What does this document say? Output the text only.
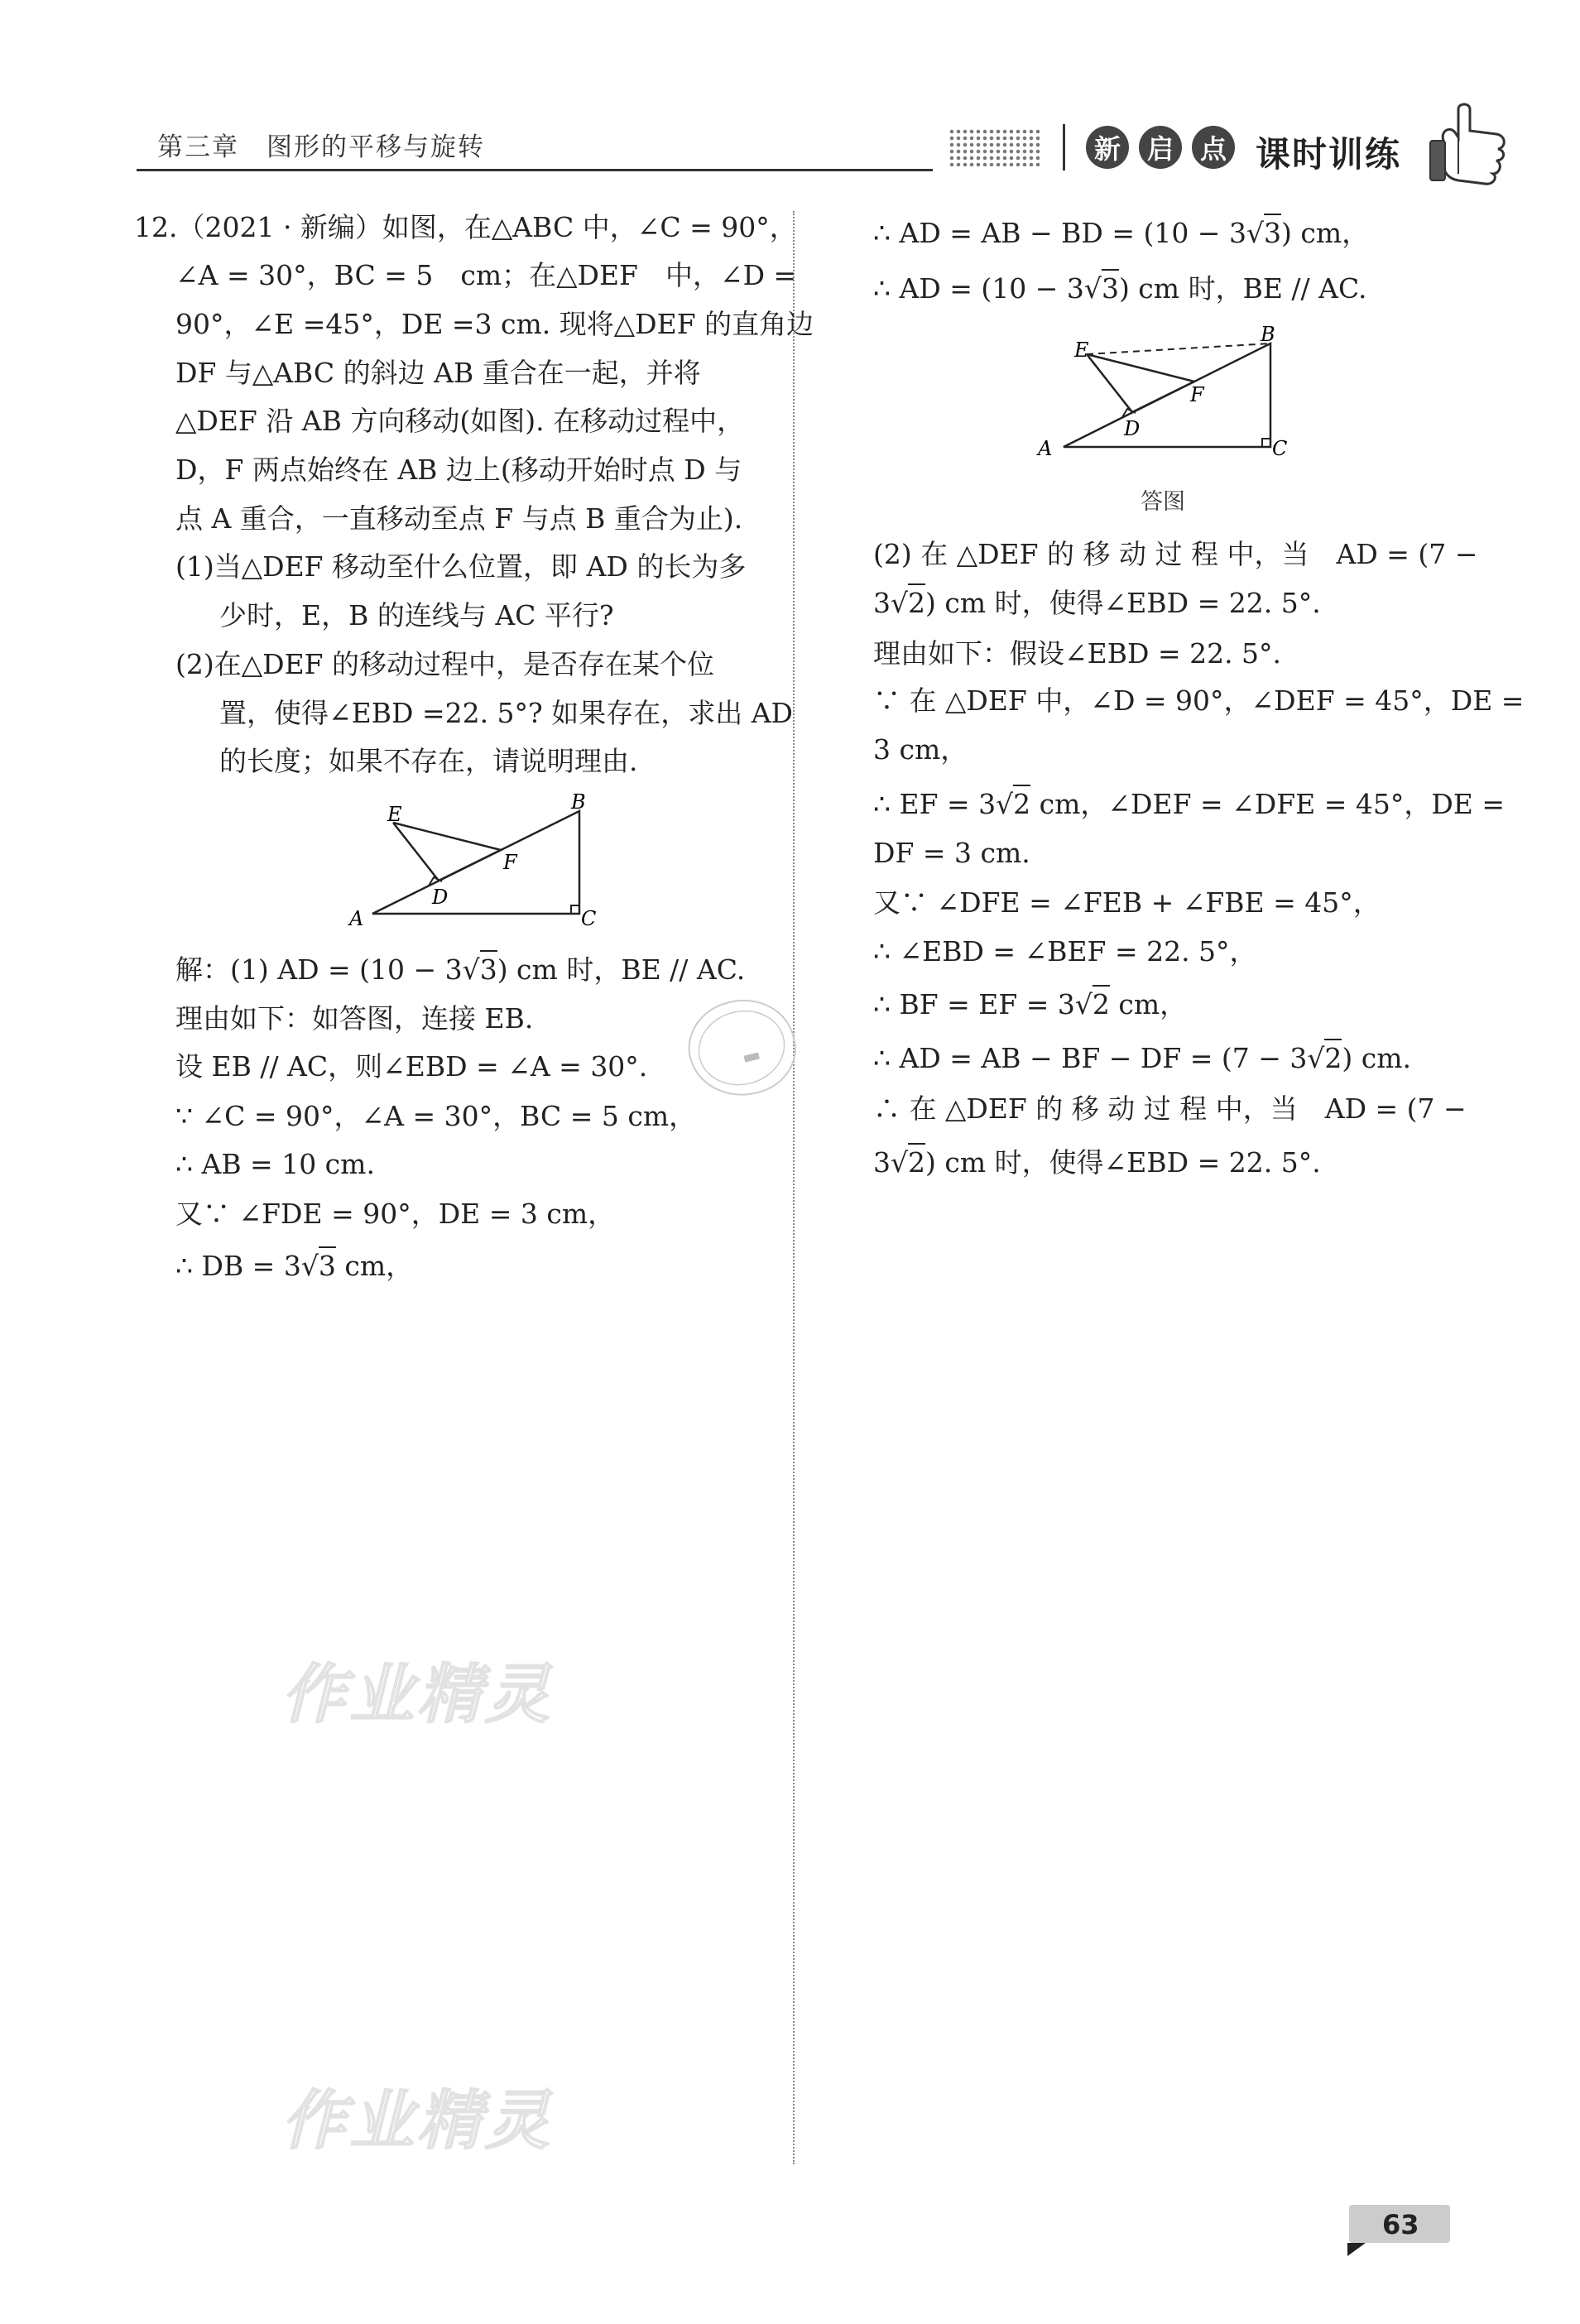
第三章　图形的平移与旋转	新 启 点 课时训练
12.（2021 · 新编）如图，在△ABC 中，∠C = 90°，
∠A = 30°，BC = 5　cm；在△DEF　中，∠D =
90°，∠E =45°，DE =3 cm. 现将△DEF 的直角边
DF 与△ABC 的斜边 AB 重合在一起，并将
△DEF 沿 AB 方向移动(如图). 在移动过程中，
D，F 两点始终在 AB 边上(移动开始时点 D 与
点 A 重合，一直移动至点 F 与点 B 重合为止).
(1)当△DEF 移动至什么位置，即 AD 的长为多
少时，E，B 的连线与 AC 平行?
(2)在△DEF 的移动过程中，是否存在某个位
置，使得∠EBD =22. 5°? 如果存在，求出 AD
的长度；如果不存在，请说明理由.
解：(1) AD = (10 − 3√3) cm 时，BE // AC.
理由如下：如答图，连接 EB.
设 EB // AC，则∠EBD = ∠A = 30°.
∵ ∠C = 90°，∠A = 30°，BC = 5 cm，
∴ AB = 10 cm.
又∵ ∠FDE = 90°，DE = 3 cm，
∴ DB = 3√3 cm，
∴ AD = AB − BD = (10 − 3√3) cm，
∴ AD = (10 − 3√3) cm 时，BE // AC.
(2) 在 △DEF 的 移 动 过 程 中，当　AD = (7 −
3√2) cm 时，使得∠EBD = 22. 5°.
理由如下：假设∠EBD = 22. 5°.
∵ 在 △DEF 中，∠D = 90°，∠DEF = 45°，DE =
3 cm，
∴ EF = 3√2 cm，∠DEF = ∠DFE = 45°，DE =
DF = 3 cm.
又∵ ∠DFE = ∠FEB + ∠FBE = 45°，
∴ ∠EBD = ∠BEF = 22. 5°，
∴ BF = EF = 3√2 cm，
∴ AD = AB − BF − DF = (7 − 3√2) cm.
∴ 在 △DEF 的 移 动 过 程 中，当　AD = (7 −
3√2) cm 时，使得∠EBD = 22. 5°.
E
B
F
D
A	C
E
B
F
D
A	C
答图
作业精灵
作业精灵
63
